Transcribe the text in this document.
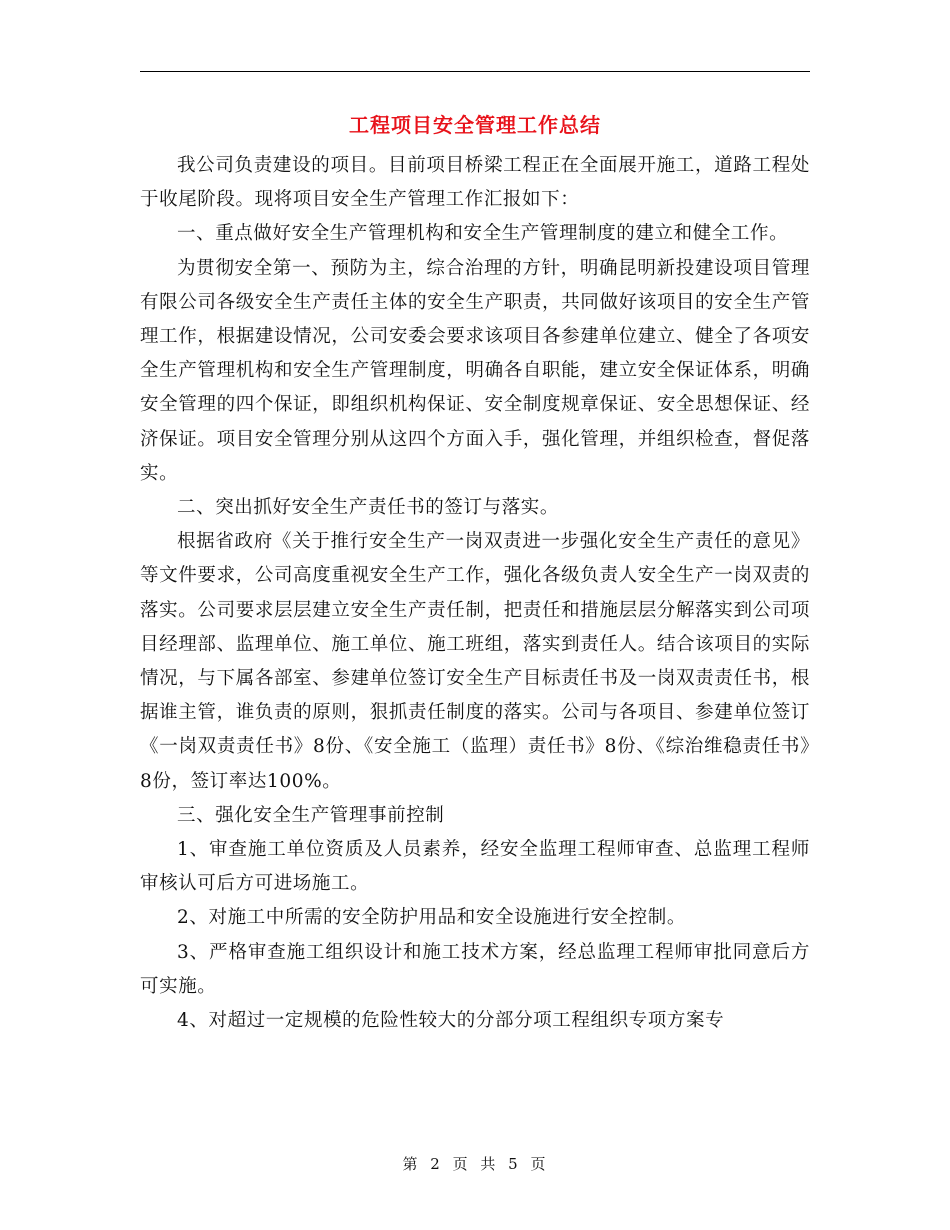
工程项目安全管理工作总结

我公司负责建设的项目。目前项目桥梁工程正在全面展开施工，道路工程处于收尾阶段。现将项目安全生产管理工作汇报如下：

一、重点做好安全生产管理机构和安全生产管理制度的建立和健全工作。

为贯彻安全第一、预防为主，综合治理的方针，明确昆明新投建设项目管理有限公司各级安全生产责任主体的安全生产职责，共同做好该项目的安全生产管理工作，根据建设情况，公司安委会要求该项目各参建单位建立、健全了各项安全生产管理机构和安全生产管理制度，明确各自职能，建立安全保证体系，明确安全管理的四个保证，即组织机构保证、安全制度规章保证、安全思想保证、经济保证。项目安全管理分别从这四个方面入手，强化管理，并组织检查，督促落实。

二、突出抓好安全生产责任书的签订与落实。

根据省政府《关于推行安全生产一岗双责进一步强化安全生产责任的意见》等文件要求，公司高度重视安全生产工作，强化各级负责人安全生产一岗双责的落实。公司要求层层建立安全生产责任制，把责任和措施层层分解落实到公司项目经理部、监理单位、施工单位、施工班组，落实到责任人。结合该项目的实际情况，与下属各部室、参建单位签订安全生产目标责任书及一岗双责责任书，根据谁主管，谁负责的原则，狠抓责任制度的落实。公司与各项目、参建单位签订《一岗双责责任书》8份、《安全施工（监理）责任书》8份、《综治维稳责任书》8份，签订率达100%。

三、强化安全生产管理事前控制

1、审查施工单位资质及人员素养，经安全监理工程师审查、总监理工程师审核认可后方可进场施工。

2、对施工中所需的安全防护用品和安全设施进行安全控制。

3、严格审查施工组织设计和施工技术方案，经总监理工程师审批同意后方可实施。

4、对超过一定规模的危险性较大的分部分项工程组织专项方案专

第 2 页 共 5 页
